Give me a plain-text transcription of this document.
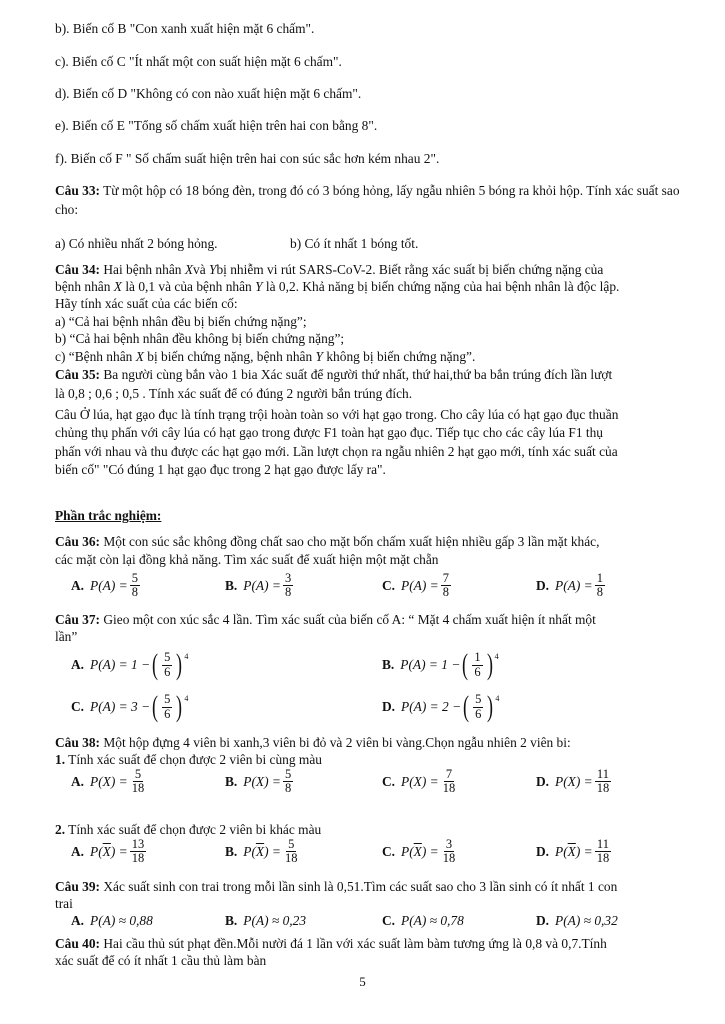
b). Biến cố B "Con xanh xuất hiện mặt 6 chấm".
c). Biến cố C "Ít nhất một con suất hiện mặt 6 chấm".
d). Biến cố D "Không có con nào xuất hiện mặt 6 chấm".
e). Biến cố E "Tổng số chấm xuất hiện trên hai con bằng 8".
f). Biến cố F " Số chấm suất hiện trên hai con súc sắc hơn kém nhau 2".
Câu 33: Từ một hộp có 18 bóng đèn, trong đó có 3 bóng hỏng, lấy ngẫu nhiên 5 bóng ra khỏi hộp. Tính xác suất sao cho:
a) Có nhiều nhất 2 bóng hỏng.	b) Có ít nhất 1 bóng tốt.
Câu 34: Hai bệnh nhân Xvà Ybị nhiễm vi rút SARS-CoV-2. Biết rằng xác suất bị biến chứng nặng của
bệnh nhân X là 0,1 và của bệnh nhân Y là 0,2. Khả năng bị biến chứng nặng của hai bệnh nhân là độc lập.
Hãy tính xác suất của các biến cố:
a) “Cả hai bệnh nhân đều bị biến chứng nặng”;
b) “Cả hai bệnh nhân đều không bị biến chứng nặng”;
c) “Bệnh nhân X bị biến chứng nặng, bệnh nhân Y không bị biến chứng nặng”.
Câu 35: Ba người cùng bắn vào 1 bia Xác suất để người thứ nhất, thứ hai,thứ ba bắn trúng đích lần lượt
là 0,8 ; 0,6 ; 0,5 . Tính xác suất để có đúng 2 người bắn trúng đích.
Câu Ở lúa, hạt gạo đục là tính trạng trội hoàn toàn so với hạt gạo trong. Cho cây lúa có hạt gạo đục thuần
chủng thụ phấn với cây lúa có hạt gạo trong được F1 toàn hạt gạo đục. Tiếp tục cho các cây lúa F1 thụ
phấn với nhau và thu được các hạt gạo mới. Lần lượt chọn ra ngẫu nhiên 2 hạt gạo mới, tính xác suất của
biến cố" "Có đúng 1 hạt gạo đục trong 2 hạt gạo được lấy ra".
Phần trắc nghiệm:
Câu 36: Một con súc sắc không đồng chất sao cho mặt bốn chấm xuất hiện nhiều gấp 3 lần mặt khác,
các mặt còn lại đồng khả năng. Tìm xác suất để xuất hiện một mặt chẵn
A. $P(A) = \frac{5}{8}$	B. $P(A) = \frac{3}{8}$	C. $P(A) = \frac{7}{8}$	D. $P(A) = \frac{1}{8}$
Câu 37: Gieo một con xúc sắc 4 lần. Tìm xác suất của biến cố A: “ Mặt 4 chấm xuất hiện ít nhất một
lần”
A. P(A) = 1 − ( $\frac{5}{6}$ ) 4
B. P(A) = 1 − ( $\frac{1}{6}$ ) 4
C. P(A) = 3 − ( $\frac{5}{6}$ ) 4
D. P(A) = 2 − ( $\frac{5}{6}$ ) 4
Câu 38: Một hộp đựng 4 viên bi xanh,3 viên bi đỏ và 2 viên bi vàng.Chọn ngẫu nhiên 2 viên bi:
1. Tính xác suất để chọn được 2 viên bi cùng màu
A. $P(X) = \frac{5}{18}$	B. $P(X) = \frac{5}{8}$	C. $P(X) = \frac{7}{18}$	D. $P(X) = \frac{11}{18}$
2. Tính xác suất để chọn được 2 viên bi khác màu
A. P( $\overline{X}$ ) = $\frac{13}{18}$	B. P( $\overline{X}$ ) = $\frac{5}{18}$	C. P( $\overline{X}$ ) = $\frac{3}{18}$	D. P( $\overline{X}$ ) = $\frac{11}{18}$
Câu 39: Xác suất sinh con trai trong mỗi lần sinh là 0,51.Tìm các suất sao cho 3 lần sinh có ít nhất 1 con
trai
A. P(A) ≈ 0,88	B. P(A) ≈ 0,23	C. P(A) ≈ 0,78	D. P(A) ≈ 0,32
Câu 40: Hai cầu thủ sút phạt đền.Mỗi nười đá 1 lần với xác suất làm bàm tương ứng là 0,8 và 0,7.Tính
xác suất để có ít nhất 1 cầu thủ làm bàn
5
